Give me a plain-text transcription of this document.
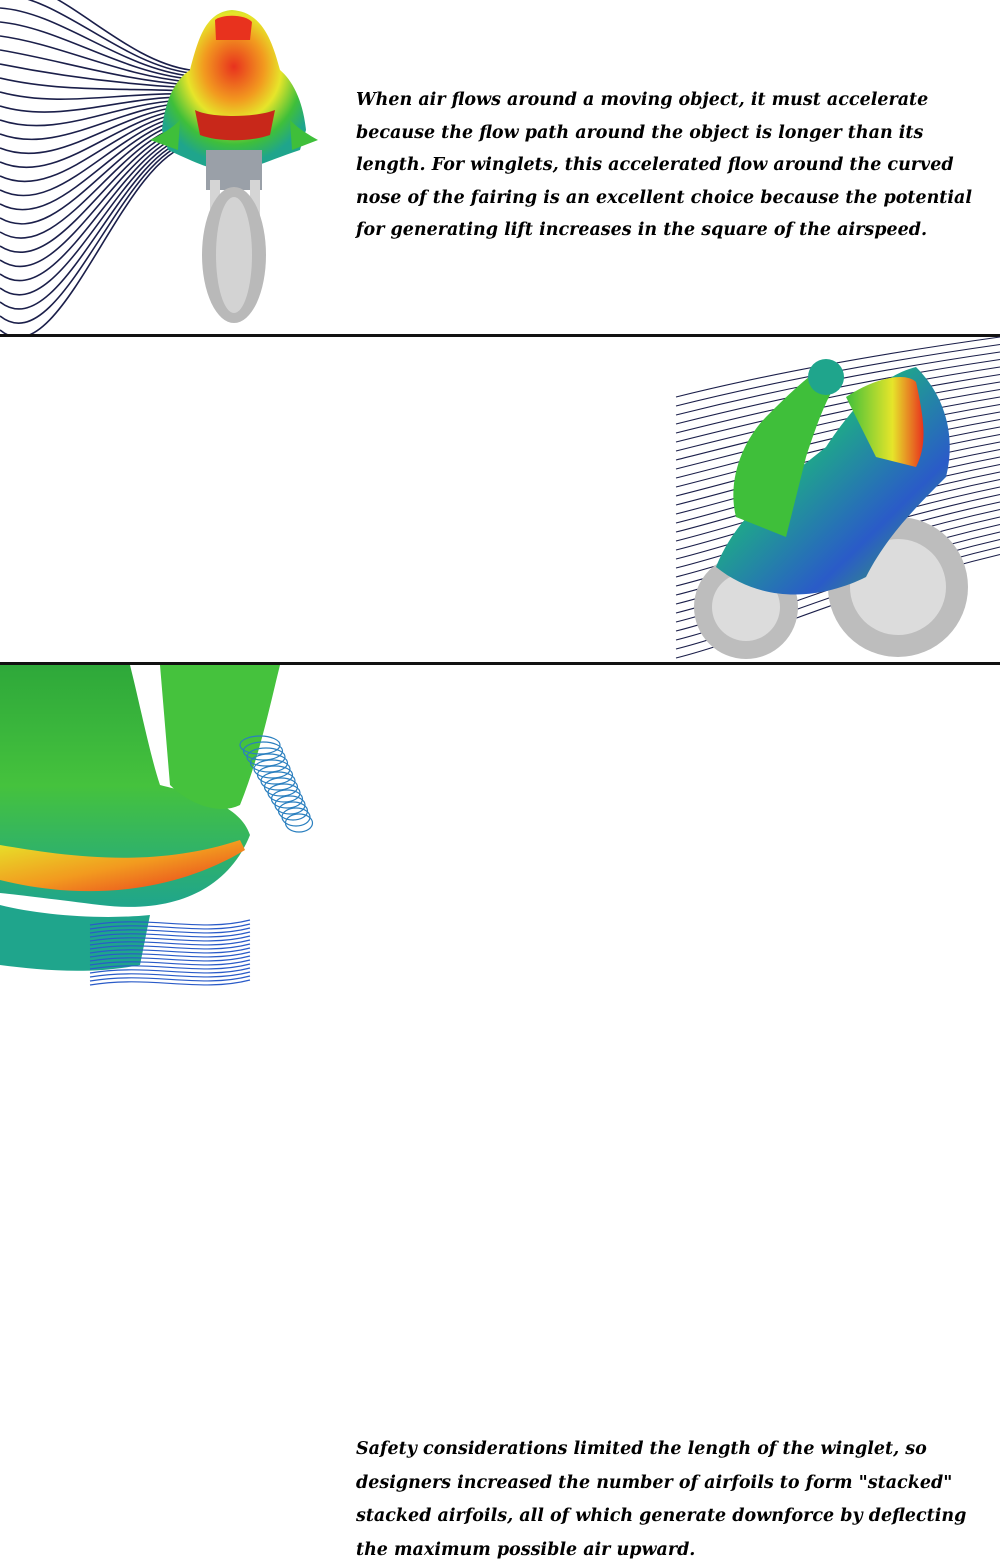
When air flows around a moving object, it must accelerate because the flow path around the object is longer than its length. For winglets, this accelerated flow around the curved nose of the fairing is an excellent choice because the potential for generating lift increases in the square of the airspeed.

Safety considerations limited the length of the winglet, so designers increased the number of airfoils to form "stacked" stacked airfoils, all of which generate downforce by deflecting the maximum possible air upward.
